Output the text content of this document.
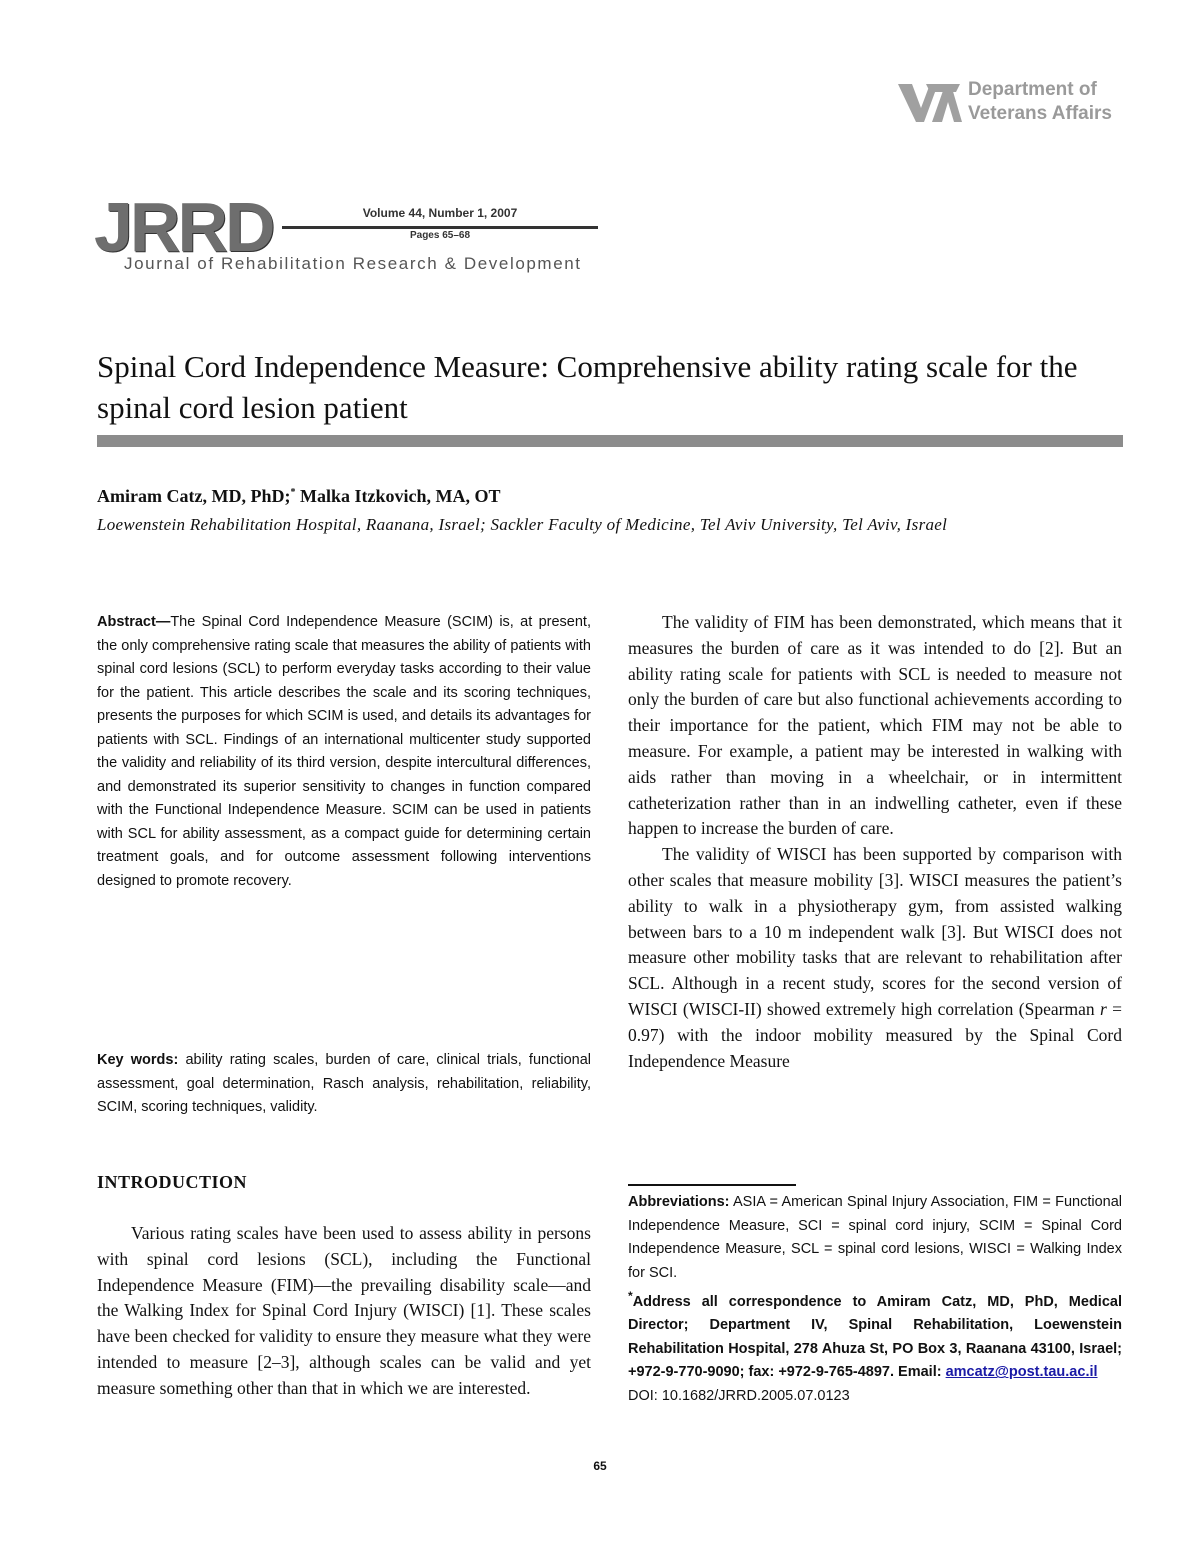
Department of
Veterans Affairs
JRRD	Volume 44, Number 1, 2007
Pages 65–68
Journal of Rehabilitation Research & Development
Spinal Cord Independence Measure: Comprehensive ability rating scale for the spinal cord lesion patient
Amiram Catz, MD, PhD;* Malka Itzkovich, MA, OT
Loewenstein Rehabilitation Hospital, Raanana, Israel; Sackler Faculty of Medicine, Tel Aviv University, Tel Aviv, Israel

Abstract—The Spinal Cord Independence Measure (SCIM) is, at present, the only comprehensive rating scale that measures the ability of patients with spinal cord lesions (SCL) to perform everyday tasks according to their value for the patient. This article describes the scale and its scoring techniques, presents the purposes for which SCIM is used, and details its advantages for patients with SCL. Findings of an international multicenter study supported the validity and reliability of its third version, despite intercultural differences, and demonstrated its superior sensitivity to changes in function compared with the Functional Independence Measure. SCIM can be used in patients with SCL for ability assessment, as a compact guide for determining certain treatment goals, and for outcome assessment following interventions designed to promote recovery.

Key words: ability rating scales, burden of care, clinical trials, functional assessment, goal determination, Rasch analysis, rehabilitation, reliability, SCIM, scoring techniques, validity.

INTRODUCTION

Various rating scales have been used to assess ability in persons with spinal cord lesions (SCL), including the Functional Independence Measure (FIM)—the prevailing disability scale—and the Walking Index for Spinal Cord Injury (WISCI) [1]. These scales have been checked for validity to ensure they measure what they were intended to measure [2–3], although scales can be valid and yet measure something other than that in which we are interested.

The validity of FIM has been demonstrated, which means that it measures the burden of care as it was intended to do [2]. But an ability rating scale for patients with SCL is needed to measure not only the burden of care but also functional achievements according to their importance for the patient, which FIM may not be able to measure. For example, a patient may be interested in walking with aids rather than moving in a wheelchair, or in intermittent catheterization rather than in an indwelling catheter, even if these happen to increase the burden of care.

The validity of WISCI has been supported by comparison with other scales that measure mobility [3]. WISCI measures the patient’s ability to walk in a physiotherapy gym, from assisted walking between bars to a 10 m independent walk [3]. But WISCI does not measure other mobility tasks that are relevant to rehabilitation after SCL. Although in a recent study, scores for the second version of WISCI (WISCI-II) showed extremely high correlation (Spearman r = 0.97) with the indoor mobility measured by the Spinal Cord Independence Measure

Abbreviations: ASIA = American Spinal Injury Association, FIM = Functional Independence Measure, SCI = spinal cord injury, SCIM = Spinal Cord Independence Measure, SCL = spinal cord lesions, WISCI = Walking Index for SCI.

*Address all correspondence to Amiram Catz, MD, PhD, Medical Director; Department IV, Spinal Rehabilitation, Loewenstein Rehabilitation Hospital, 278 Ahuza St, PO Box 3, Raanana 43100, Israel; +972-9-770-9090; fax: +972-9-765-4897. Email: amcatz@post.tau.ac.il

DOI: 10.1682/JRRD.2005.07.0123

65
